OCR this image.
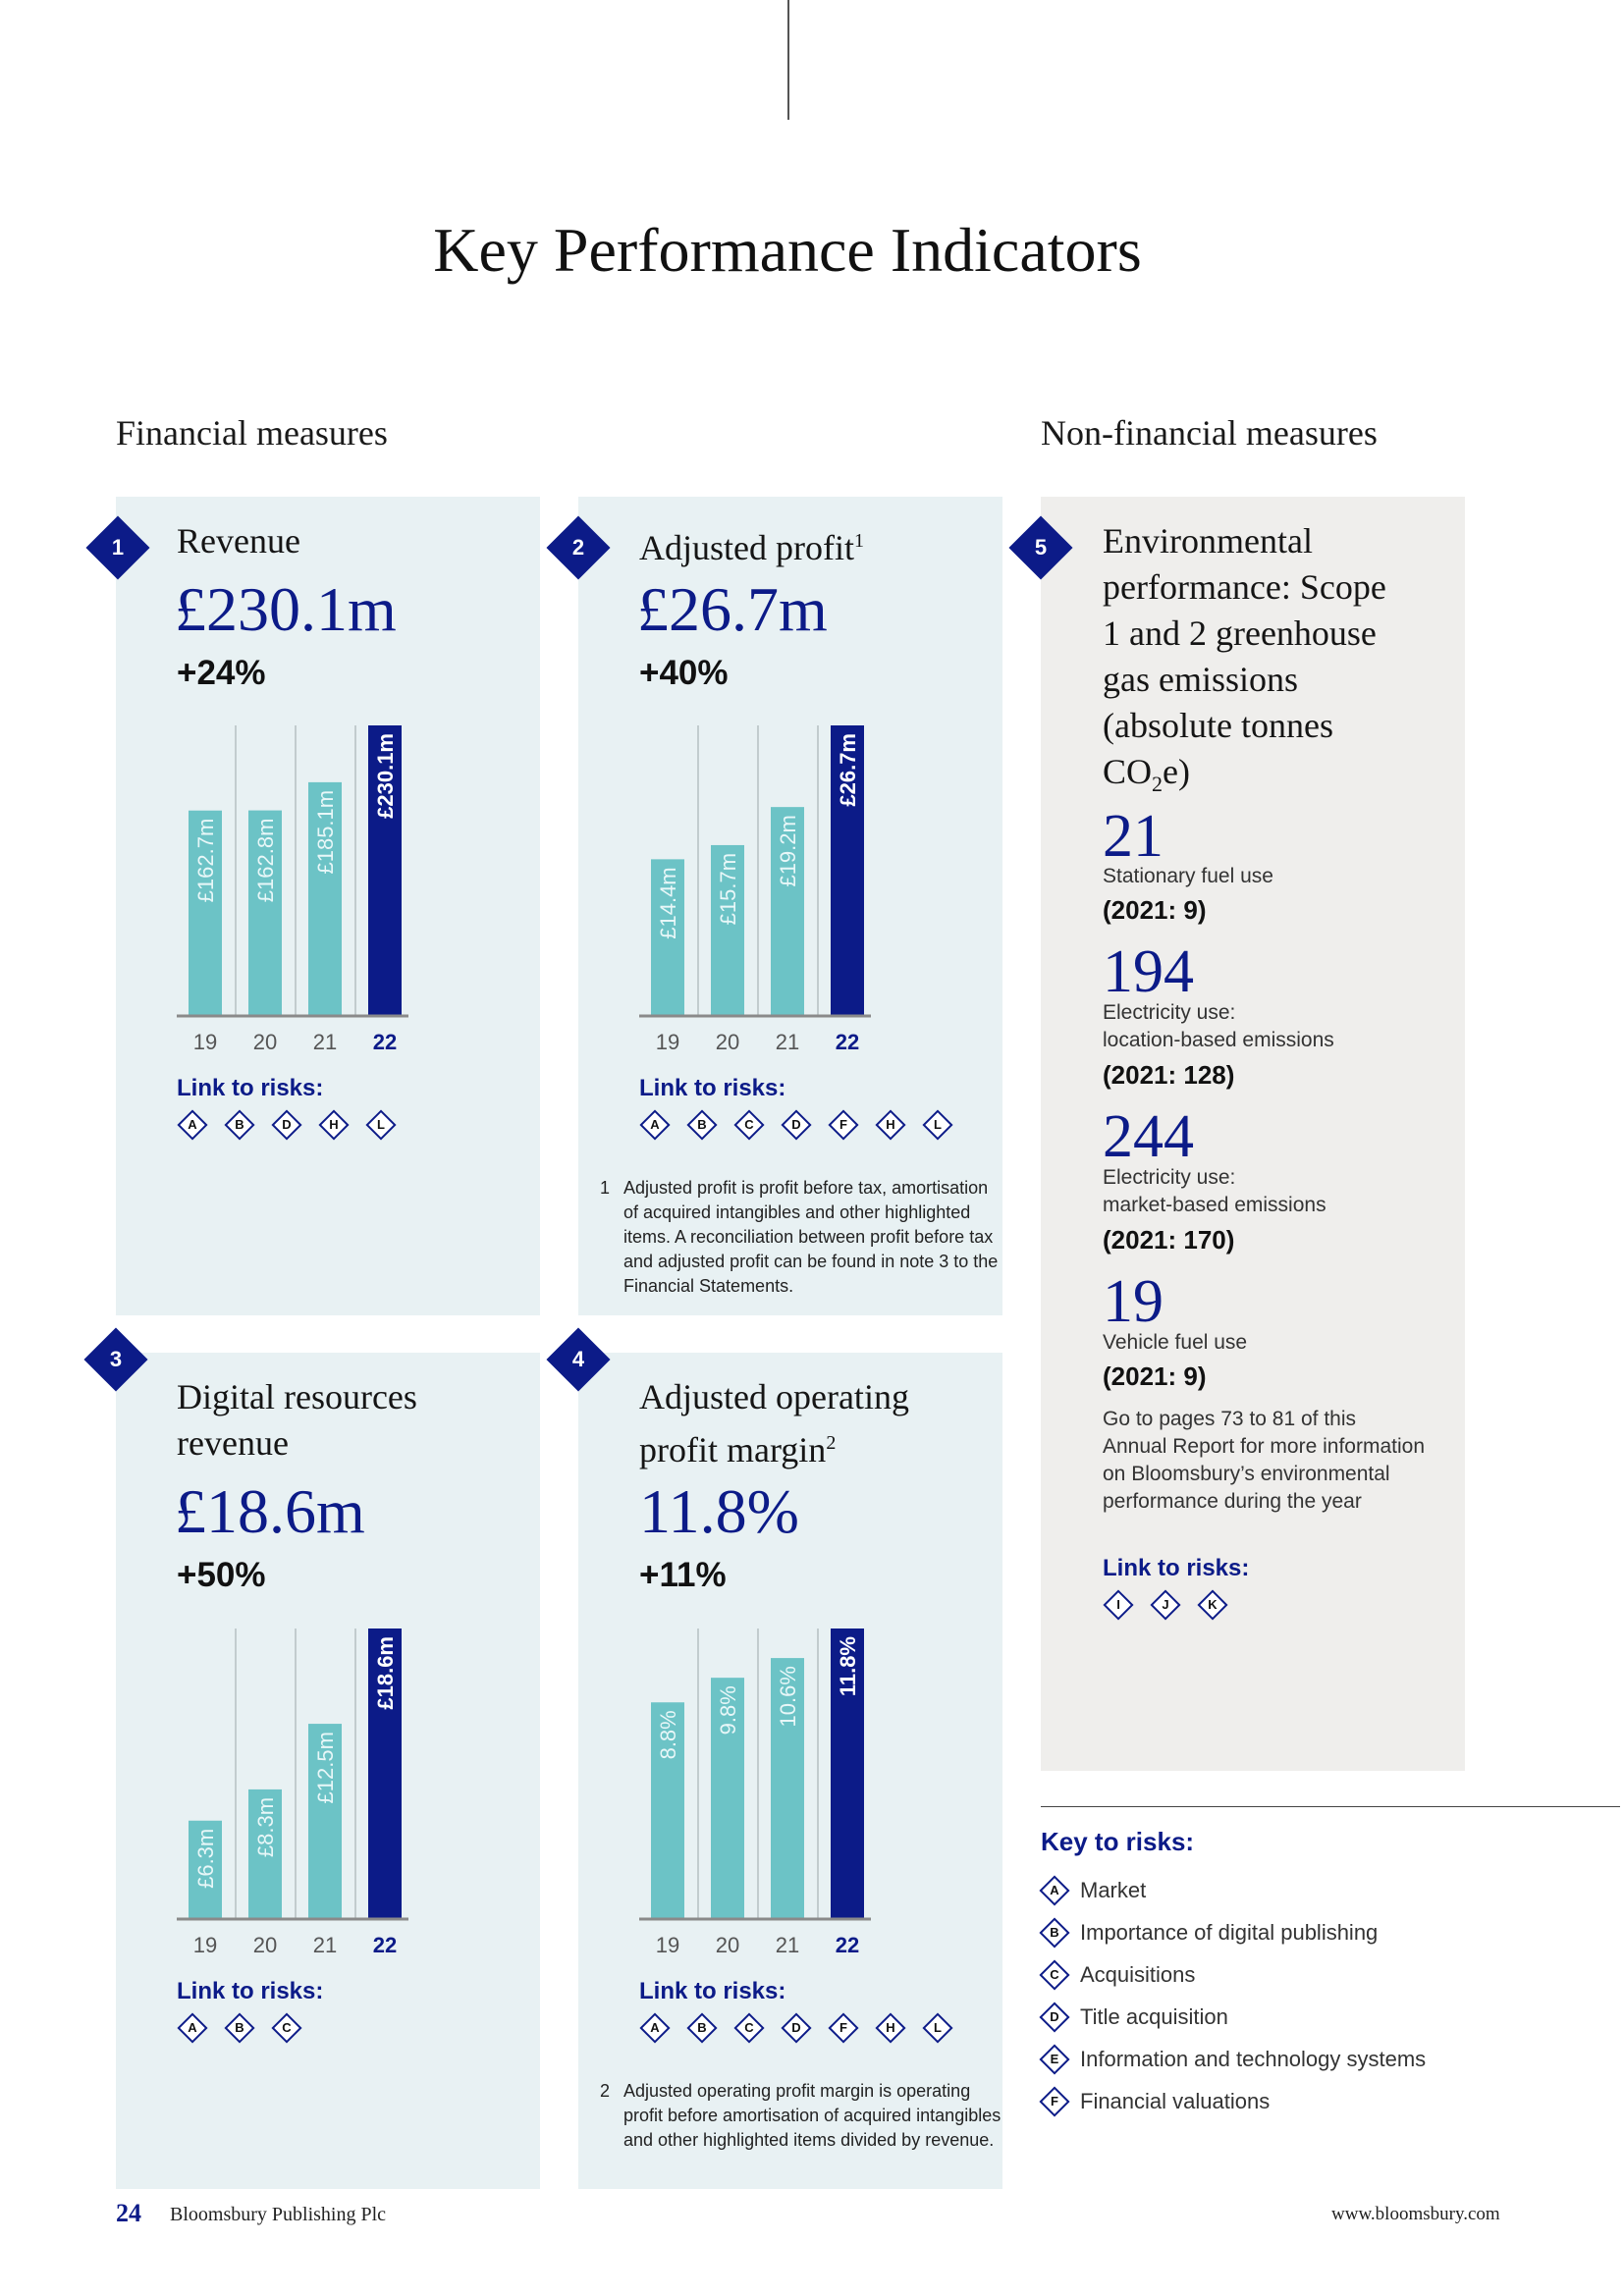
Key Performance Indicators
Financial measures	Non-financial measures
1	Revenue
£230.1m
+24%
£162.7m
19
£162.8m
20
£185.1m
21
£230.1m
22
Link to risks:
A	B	D	H	L
2	Adjusted profit$^1$
£26.7m
+40%
£14.4m
19
£15.7m
20
£19.2m
21
£26.7m
22
Link to risks:
A	B	C	D	F	H	L
1 Adjusted profit is profit before tax, amortisation of acquired intangibles and other highlighted items. A reconciliation between profit before tax and adjusted profit can be found in note 3 to the Financial Statements.
3
Digital resources revenue
£18.6m
+50%
£6.3m
19
£8.3m
20
£12.5m
21
£18.6m
22
Link to risks:
A	B	C
4
Adjusted operating profit margin$^2$
11.8%
+11%
8.8%
19
9.8%
20
10.6%
21
11.8%
22
Link to risks:
A	B	C	D	F	H	L
2 Adjusted operating profit margin is operating profit before amortisation of acquired intangibles and other highlighted items divided by revenue.
5	Environmental
performance: Scope
1 and 2 greenhouse
gas emissions
(absolute tonnes
$CO_2e$)
21
Stationary fuel use
(2021: 9)
194
Electricity use:
location-based emissions
(2021: 128)
244
Electricity use:
market-based emissions
(2021: 170)
19
Vehicle fuel use
(2021: 9)
Go to pages 73 to 81 of this
Annual Report for more information
on Bloomsbury’s environmental
performance during the year
Link to risks:
I	J	K
Key to risks:
A Market
B Importance of digital publishing
C Acquisitions
D Title acquisition
E Information and technology systems
F	Financial valuations
24 Bloomsbury Publishing Plc	www.bloomsbury.com
